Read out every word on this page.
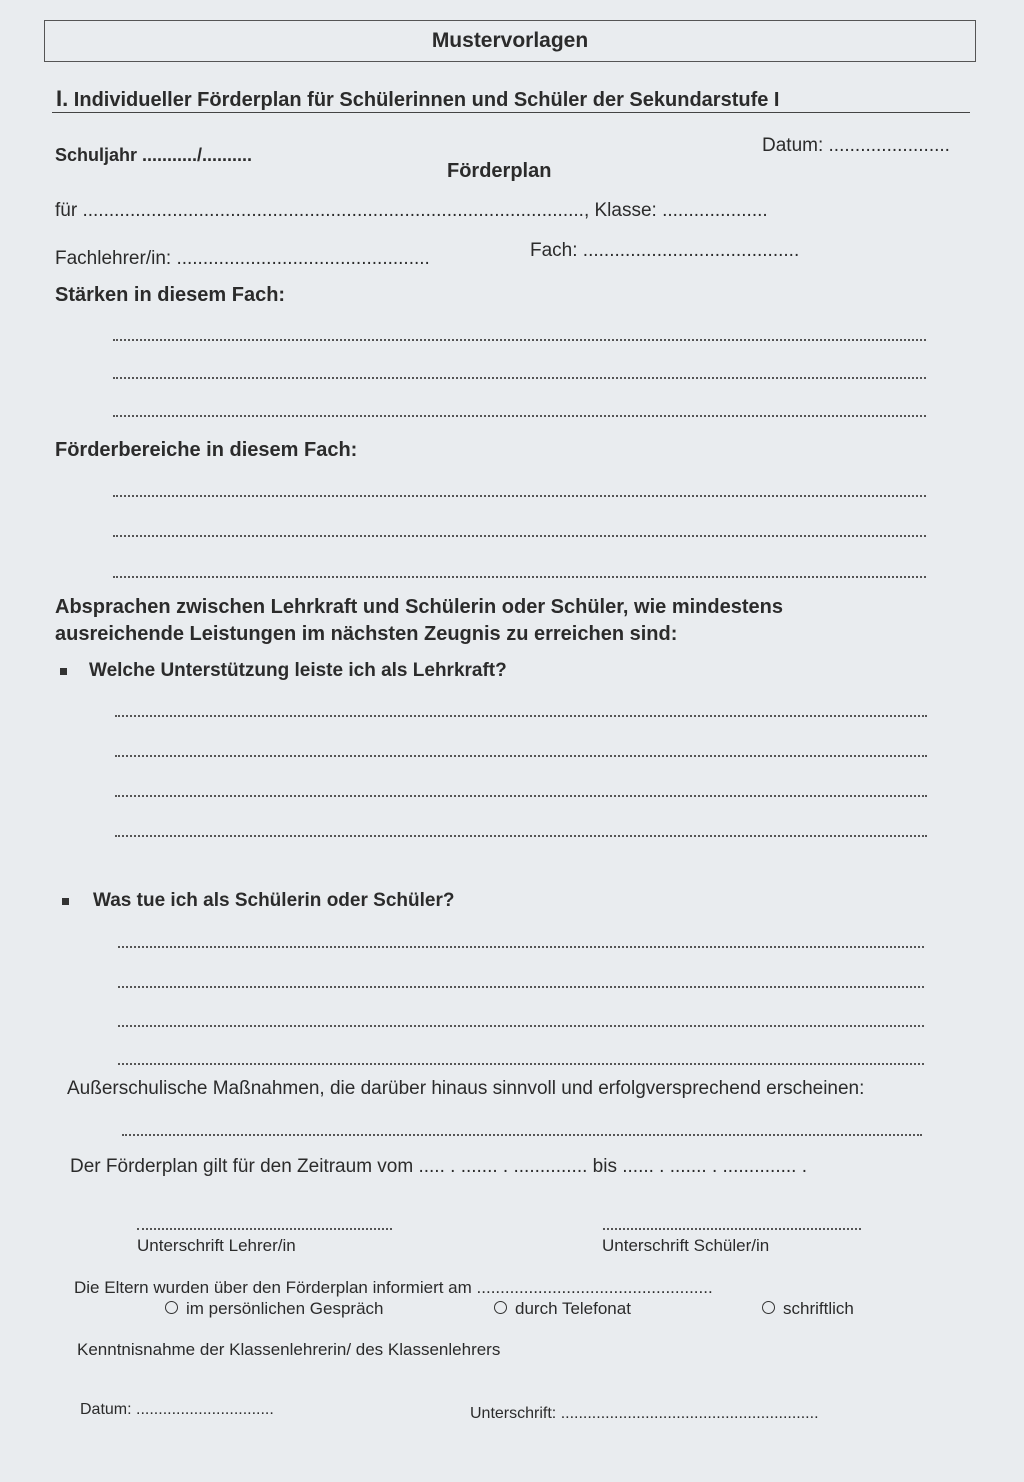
Mustervorlagen
I. Individueller Förderplan für Schülerinnen und Schüler der Sekundarstufe I
Schuljahr .........../..........	Datum: .......................
Förderplan
für ..............................................................................................., Klasse: ....................
Fachlehrer/in: ................................................	Fach: .........................................
Stärken in diesem Fach:
Förderbereiche in diesem Fach:
Absprachen zwischen Lehrkraft und Schülerin oder Schüler, wie mindestens
ausreichende Leistungen im nächsten Zeugnis zu erreichen sind:
Welche Unterstützung leiste ich als Lehrkraft?
Was tue ich als Schülerin oder Schüler?
Außerschulische Maßnahmen, die darüber hinaus sinnvoll und erfolgversprechend erscheinen:
Der Förderplan gilt für den Zeitraum vom ..... . ....... . .............. bis ...... . ....... . .............. .
Unterschrift Lehrer/in	Unterschrift Schüler/in
Die Eltern wurden über den Förderplan informiert am ..................................................
im persönlichen Gespräch	durch Telefonat	schriftlich
Kenntnisnahme der Klassenlehrerin/ des Klassenlehrers
Datum: ...............................	Unterschrift: ..........................................................
